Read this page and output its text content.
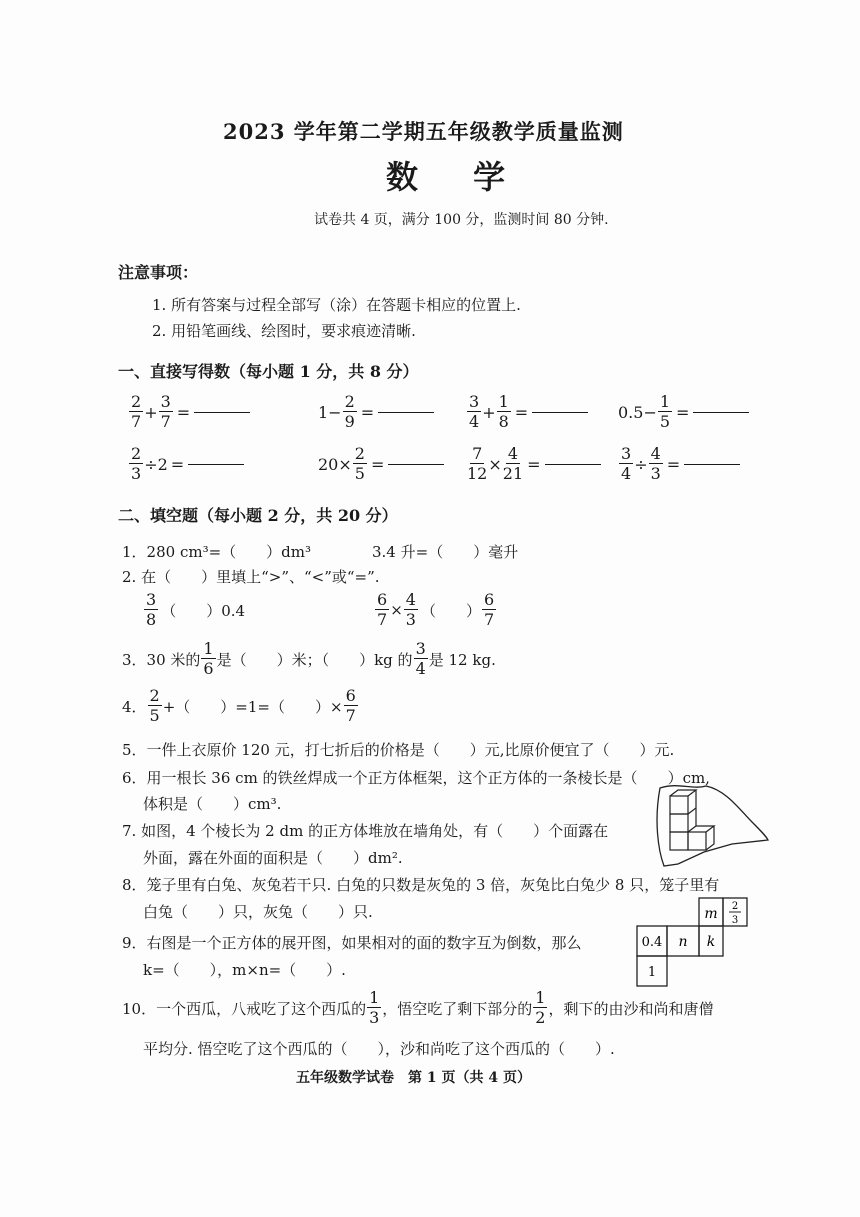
2023 学年第二学期五年级教学质量监测
数 学
试卷共 4 页，满分 100 分，监测时间 80 分钟.
注意事项：
1. 所有答案与过程全部写（涂）在答题卡相应的位置上.
2. 用铅笔画线、绘图时，要求痕迹清晰.
一、直接写得数（每小题 1 分，共 8 分）
$\frac{2}{7} + \frac{3}{7}$ =	$1- \frac{2}{9}$ =	$\frac{3}{4} + \frac{1}{8}$ =	$0.5- \frac{1}{5}$ =
$\frac{2}{3} \div 2$ =	$20\times \frac{2}{5}$ =	$\frac{7}{12} \times \frac{4}{21}$ =	$\frac{3}{4} \div \frac{4}{3}$ =
二、填空题（每小题 2 分，共 20 分）
1．280 cm³=（　　）dm³	3.4 升=（　　）毫升
2. 在（　　）里填上“>”、“<”或“=”.
$\frac{3}{8}$ （　　）0.4	$\frac{6}{7} \times \frac{4}{3}$ （　　） $\frac{6}{7}$
3．30 米的 $\frac{1}{6}$ 是（　　）米；（　　）kg 的 $\frac{3}{4}$ 是 12 kg.
4． $\frac{2}{5}$ +（　　）=1=（　　）× $\frac{6}{7}$
5．一件上衣原价 120 元，打七折后的价格是（　　）元,比原价便宜了（　　）元.
6．用一根长 36 cm 的铁丝焊成一个正方体框架，这个正方体的一条棱长是（　　）cm,
体积是（　　）cm³.
7. 如图，4 个棱长为 2 dm 的正方体堆放在墙角处，有（　　）个面露在
外面，露在外面的面积是（　　）dm².
8．笼子里有白兔、灰兔若干只. 白兔的只数是灰兔的 3 倍，灰兔比白兔少 8 只，笼子里有
白兔（　　）只，灰兔（　　）只.
9．右图是一个正方体的展开图，如果相对的面的数字互为倒数，那么
k=（　　），m×n=（　　）.
m 2
3
0.4 n k
1
10．一个西瓜，八戒吃了这个西瓜的 $\frac{1}{3}$ ，悟空吃了剩下部分的 $\frac{1}{2}$ ，剩下的由沙和尚和唐僧
平均分. 悟空吃了这个西瓜的（　　），沙和尚吃了这个西瓜的（　　）.
五年级数学试卷　第 1 页（共 4 页）
